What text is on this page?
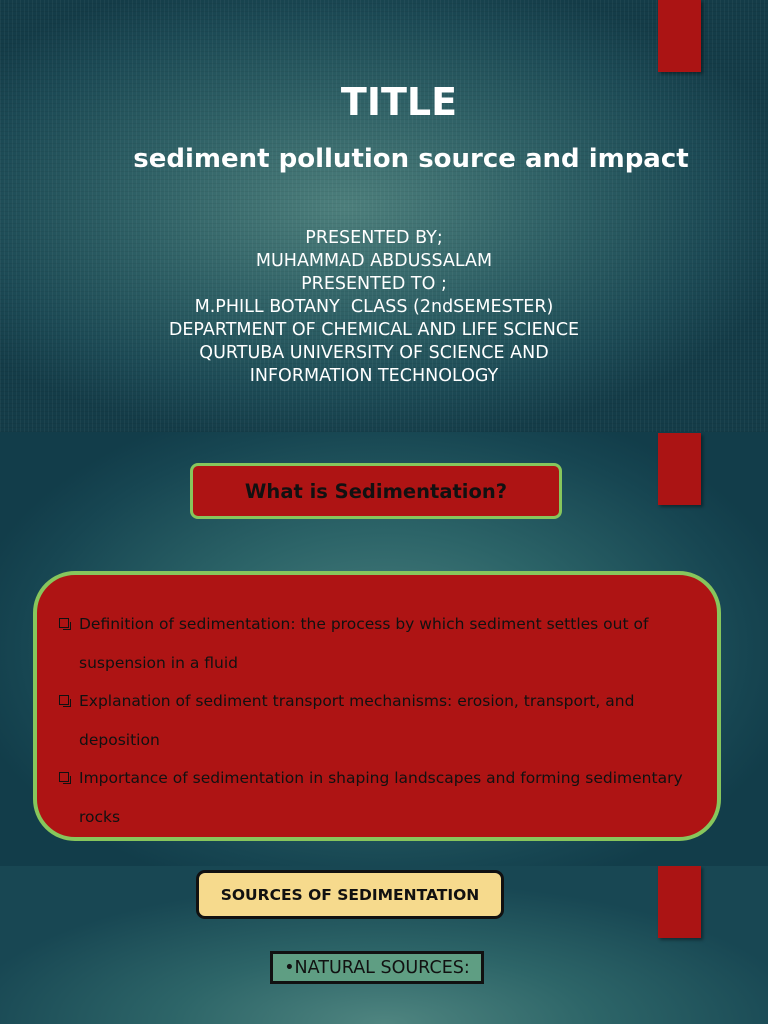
TITLE
sediment pollution source and impact
PRESENTED BY;
MUHAMMAD ABDUSSALAM
PRESENTED TO ;
M.PHILL BOTANY  CLASS (2ndSEMESTER)
DEPARTMENT OF CHEMICAL AND LIFE SCIENCE
QURTUBA UNIVERSITY OF SCIENCE AND
INFORMATION TECHNOLOGY
What is Sedimentation?
Definition of sedimentation: the process by which sediment settles out of
suspension in a fluid
Explanation of sediment transport mechanisms: erosion, transport, and
deposition
Importance of sedimentation in shaping landscapes and forming sedimentary
rocks
SOURCES OF SEDIMENTATION
•NATURAL SOURCES:
